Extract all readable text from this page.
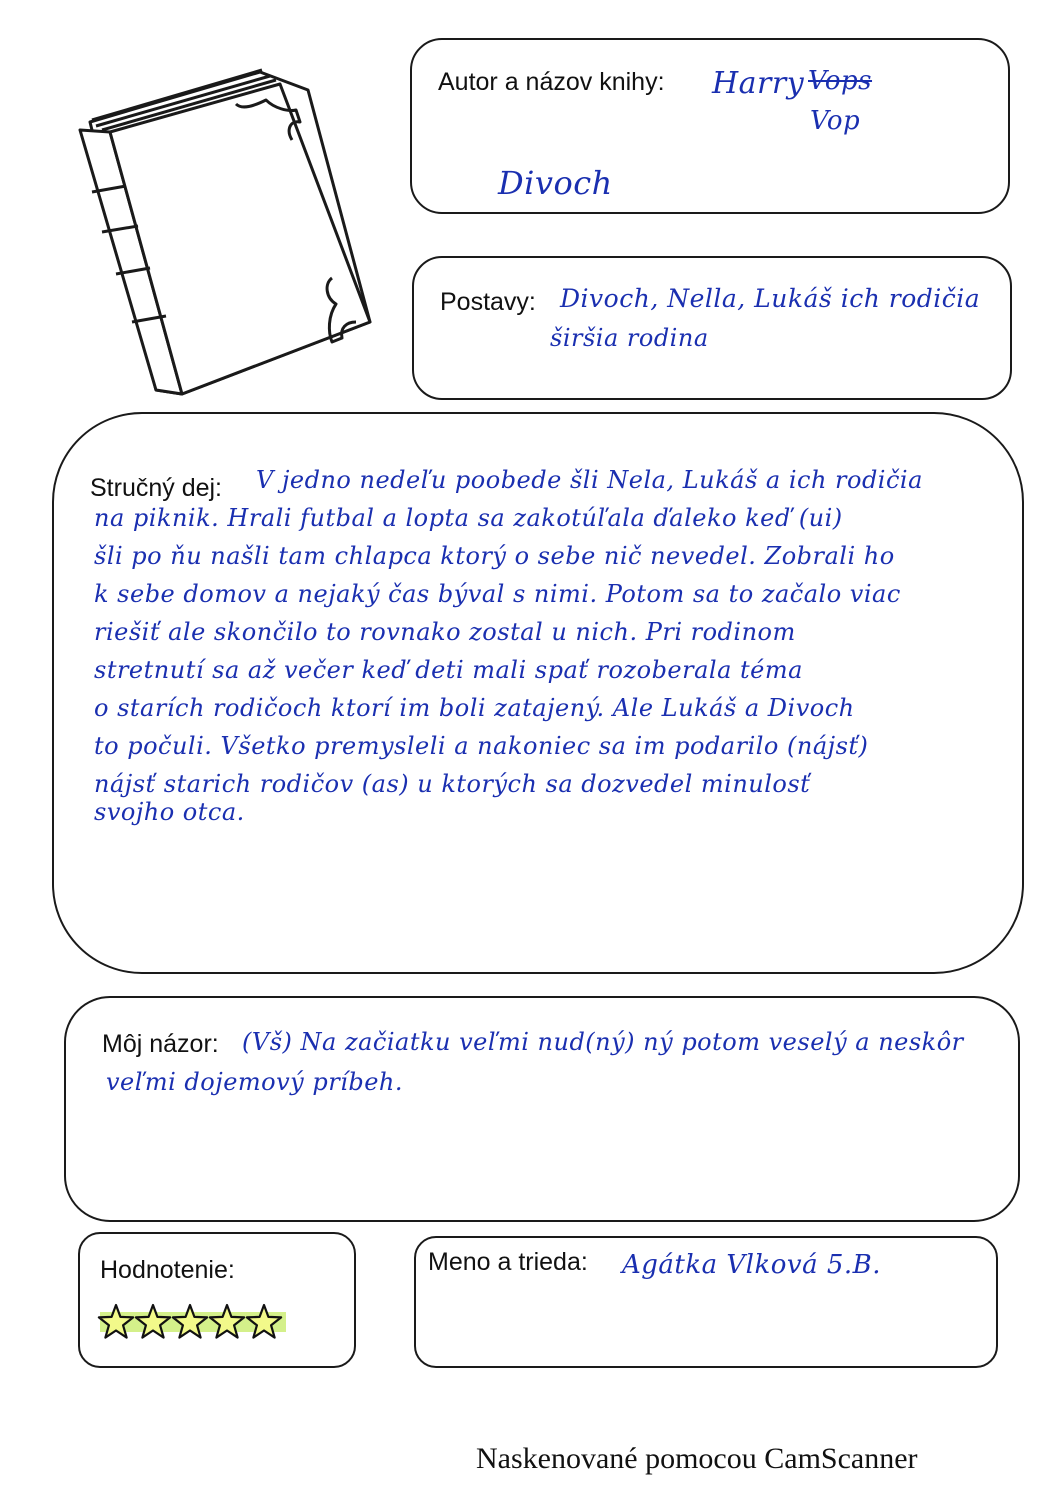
Autor a názov knihy: Harry Vops
Vop
Divoch
Postavy: Divoch, Nella, Lukáš ich rodičia
širšia rodina
Stručný dej: V jedno nedeľu poobede šli Nela, Lukáš a ich rodičia
na piknik. Hrali futbal a lopta sa zakotúľala ďaleko keď (ui)
šli po ňu našli tam chlapca ktorý o sebe nič nevedel. Zobrali ho
k sebe domov a nejaký čas býval s nimi. Potom sa to začalo viac
riešiť ale skončilo to rovnako zostal u nich. Pri rodinom
stretnutí sa až večer keď deti mali spať rozoberala téma
o starích rodičoch ktorí im boli zatajený. Ale Lukáš a Divoch
to počuli. Všetko premysleli a nakoniec sa im podarilo (nájsť)
nájsť starich rodičov (as) u ktorých sa dozvedel minulosť
svojho otca.
Môj názor: (Vš) Na začiatku veľmi nud(ný) ný potom veselý a neskôr
veľmi dojemový príbeh.
Hodnotenie:	Meno a trieda: Agátka Vlková 5.B.
Naskenované pomocou CamScanner
